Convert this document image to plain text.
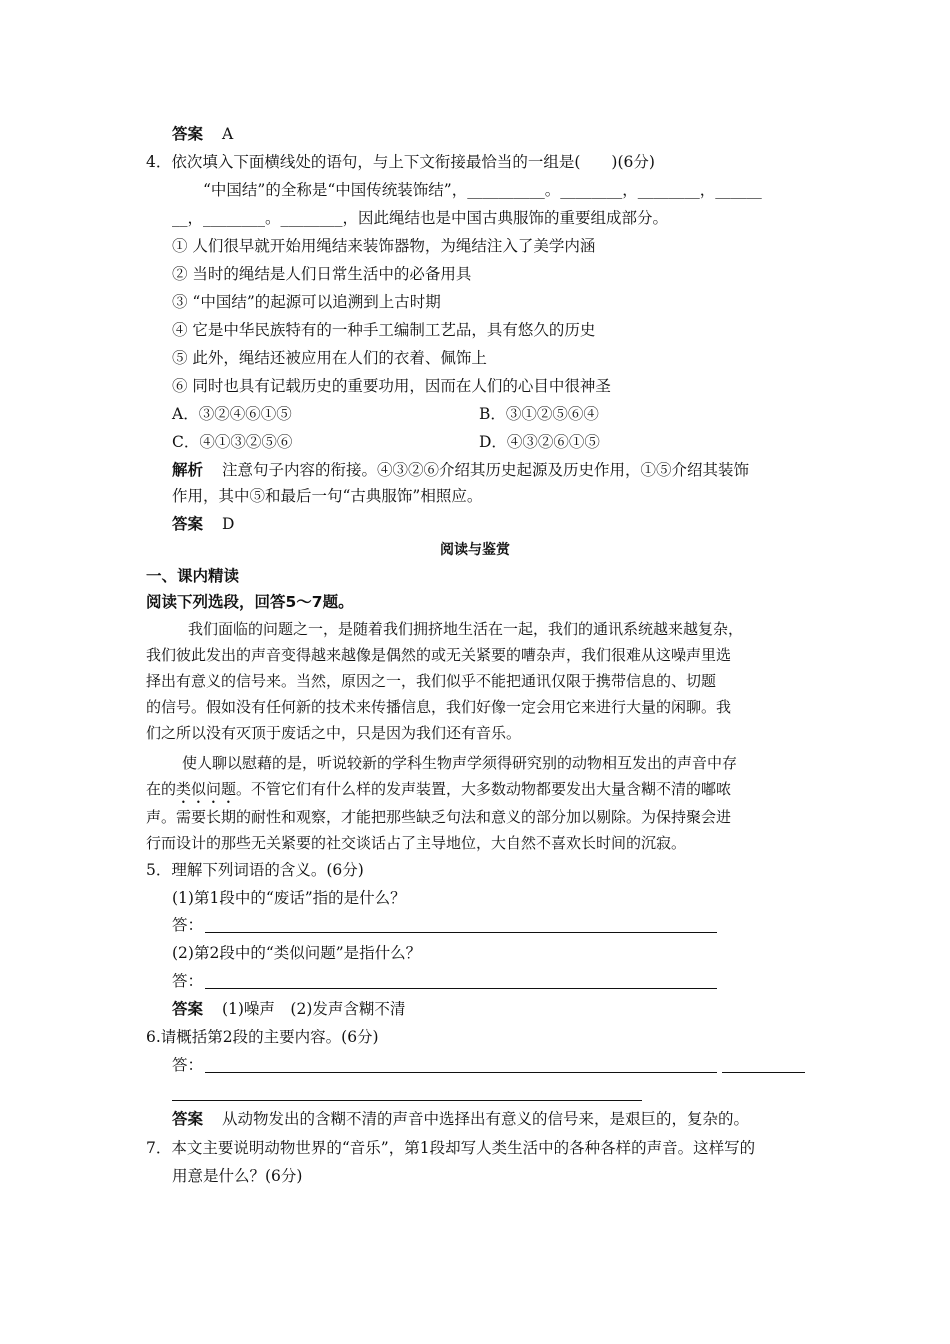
答案 A
4．依次填入下面横线处的语句，与上下文衔接最恰当的一组是(　　)(6分)
“中国结”的全称是“中国传统装饰结”，__________。________，________，______
__，________。________，因此绳结也是中国古典服饰的重要组成部分。
① 人们很早就开始用绳结来装饰器物，为绳结注入了美学内涵
② 当时的绳结是人们日常生活中的必备用具
③ “中国结”的起源可以追溯到上古时期
④ 它是中华民族特有的一种手工编制工艺品，具有悠久的历史
⑤ 此外，绳结还被应用在人们的衣着、佩饰上
⑥ 同时也具有记载历史的重要功用，因而在人们的心目中很神圣
A．③②④⑥①⑤	B．③①②⑤⑥④
C．④①③②⑤⑥	D．④③②⑥①⑤
解析 注意句子内容的衔接。④③②⑥介绍其历史起源及历史作用，①⑤介绍其装饰
作用，其中⑤和最后一句“古典服饰”相照应。
答案 D
阅读与鉴赏
一、课内精读
阅读下列选段，回答5～7题。
我们面临的问题之一，是随着我们拥挤地生活在一起，我们的通讯系统越来越复杂，
我们彼此发出的声音变得越来越像是偶然的或无关紧要的嘈杂声，我们很难从这噪声里选
择出有意义的信号来。当然，原因之一，我们似乎不能把通讯仅限于携带信息的、切题
的信号。假如没有任何新的技术来传播信息，我们好像一定会用它来进行大量的闲聊。我
们之所以没有灭顶于废话之中，只是因为我们还有音乐。
使人聊以慰藉的是，听说较新的学科生物声学须得研究别的动物相互发出的声音中存
在的类似问题。不管它们有什么样的发声装置，大多数动物都要发出大量含糊不清的嘟哝
声。需要长期的耐性和观察，才能把那些缺乏句法和意义的部分加以剔除。为保持聚会进
行而设计的那些无关紧要的社交谈话占了主导地位，大自然不喜欢长时间的沉寂。
5．理解下列词语的含义。(6分)
(1)第1段中的“废话”指的是什么？
答：
(2)第2段中的“类似问题”是指什么？
答：
答案 (1)噪声　(2)发声含糊不清
6.请概括第2段的主要内容。(6分)
答：
答案 从动物发出的含糊不清的声音中选择出有意义的信号来，是艰巨的，复杂的。
7．本文主要说明动物世界的“音乐”，第1段却写人类生活中的各种各样的声音。这样写的
用意是什么？(6分)
